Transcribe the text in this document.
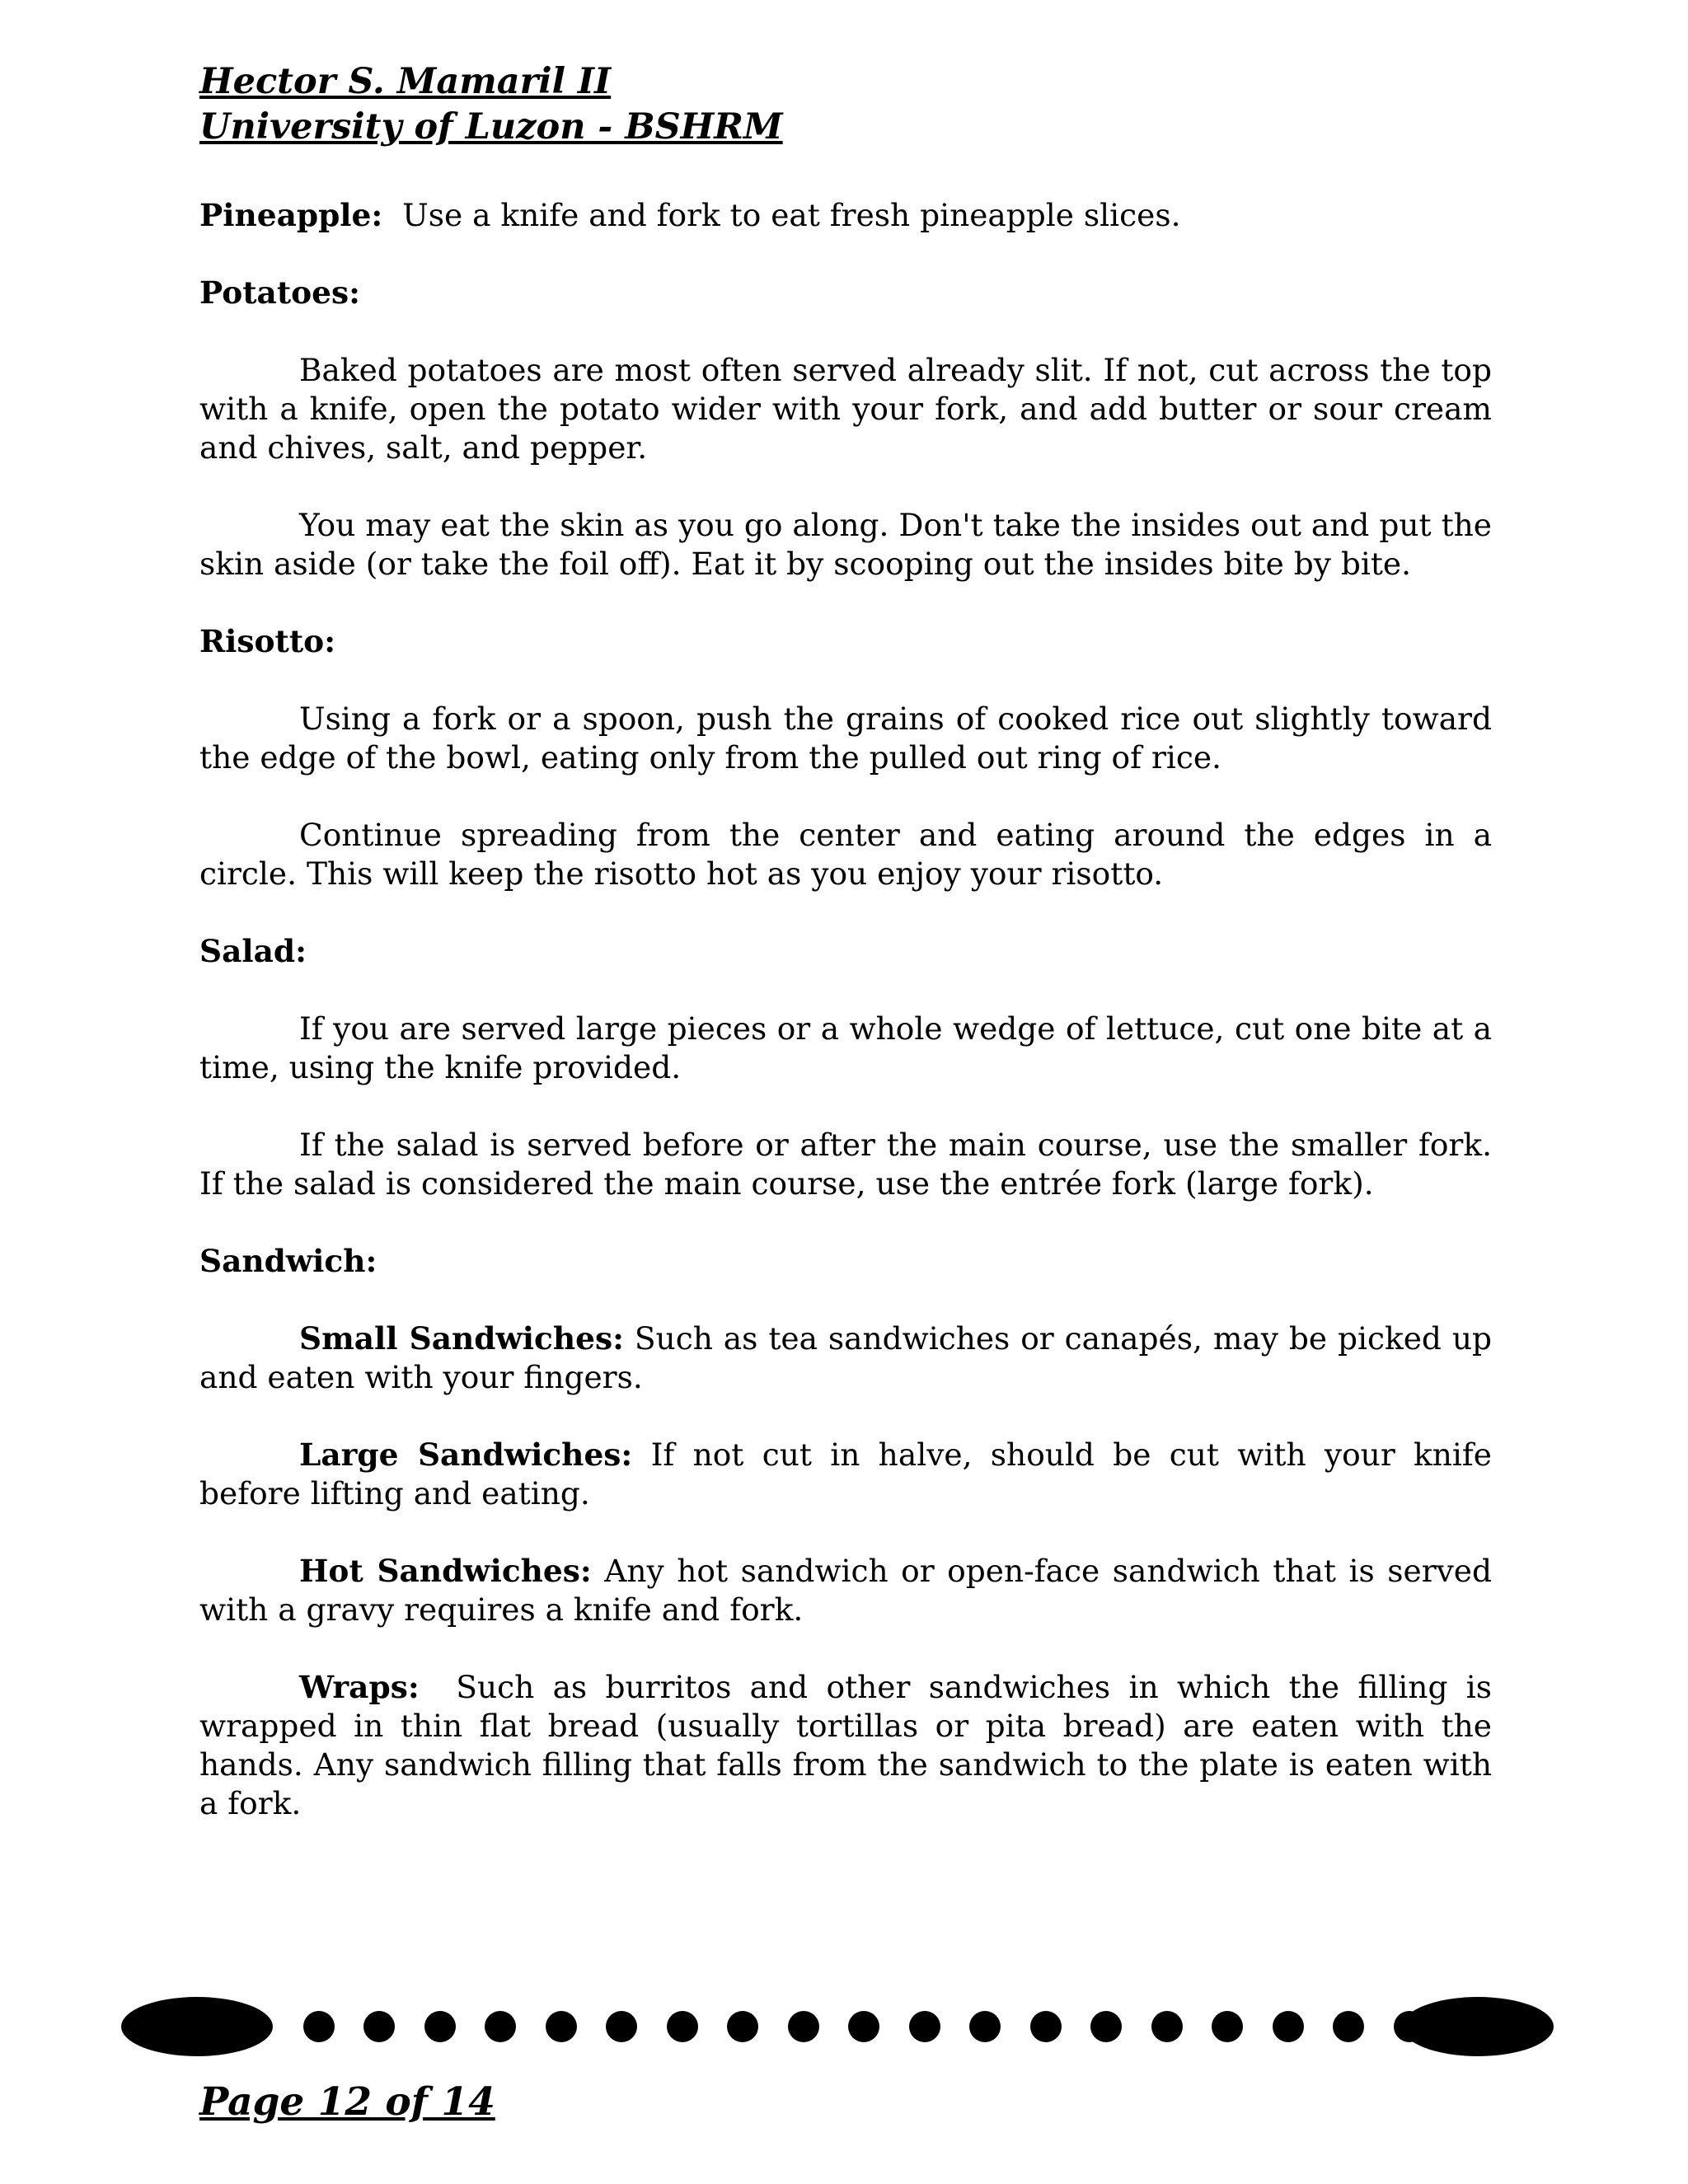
Hector S. Mamaril II
University of Luzon - BSHRM

Pineapple: Use a knife and fork to eat fresh pineapple slices.

Potatoes:

Baked potatoes are most often served already slit. If not, cut across the top with a knife, open the potato wider with your fork, and add butter or sour cream and chives, salt, and pepper.

You may eat the skin as you go along. Don't take the insides out and put the skin aside (or take the foil off). Eat it by scooping out the insides bite by bite.

Risotto:

Using a fork or a spoon, push the grains of cooked rice out slightly toward the edge of the bowl, eating only from the pulled out ring of rice.

Continue spreading from the center and eating around the edges in a circle. This will keep the risotto hot as you enjoy your risotto.

Salad:

If you are served large pieces or a whole wedge of lettuce, cut one bite at a time, using the knife provided.

If the salad is served before or after the main course, use the smaller fork. If the salad is considered the main course, use the entrée fork (large fork).

Sandwich:

Small Sandwiches: Such as tea sandwiches or canapés, may be picked up and eaten with your fingers.

Large Sandwiches: If not cut in halve, should be cut with your knife before lifting and eating.

Hot Sandwiches: Any hot sandwich or open-face sandwich that is served with a gravy requires a knife and fork.

Wraps: Such as burritos and other sandwiches in which the filling is wrapped in thin flat bread (usually tortillas or pita bread) are eaten with the hands. Any sandwich filling that falls from the sandwich to the plate is eaten with a fork.

Page 12 of 14
